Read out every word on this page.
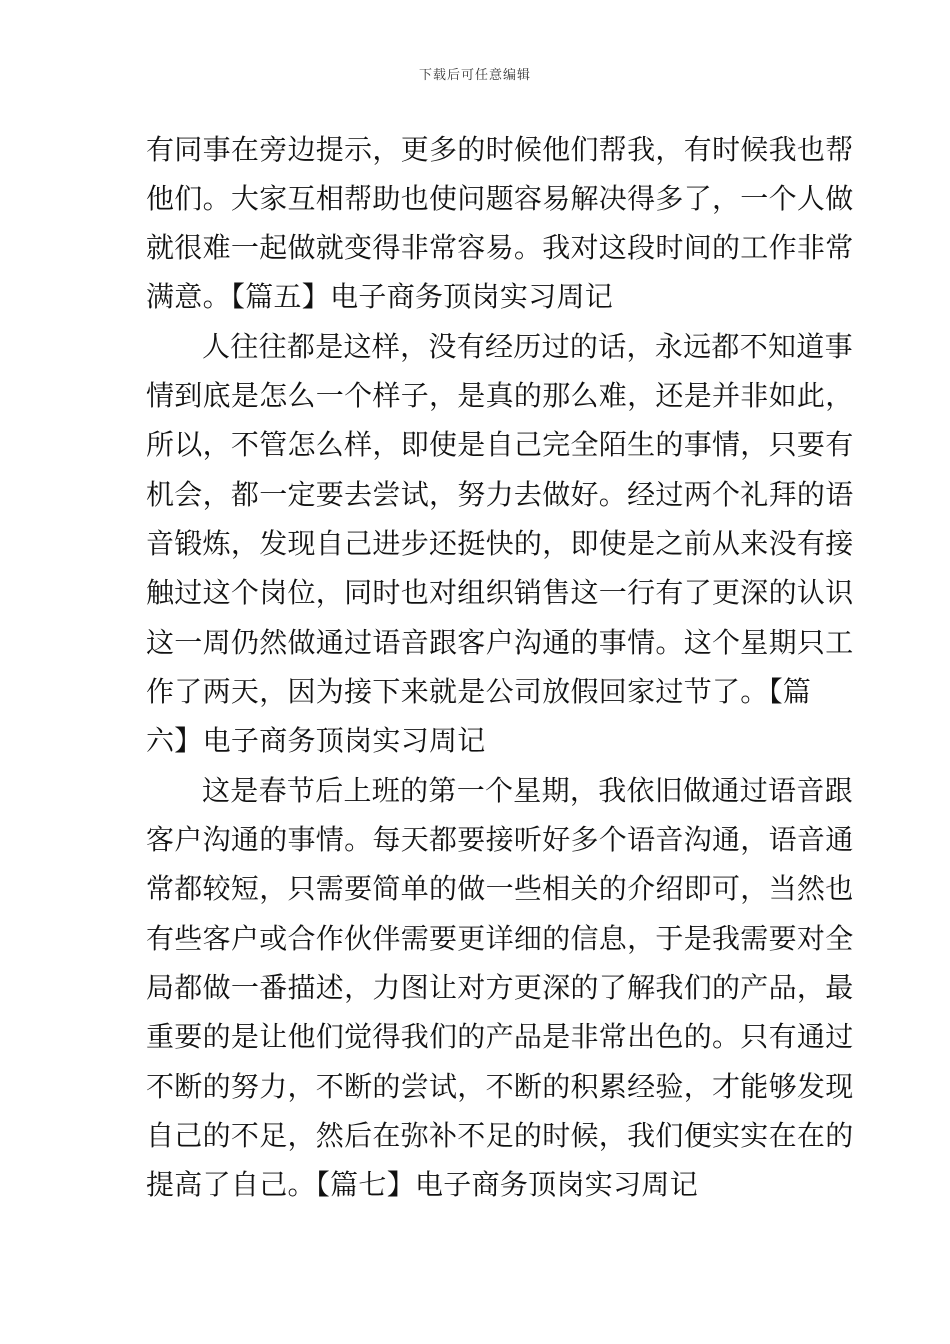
下载后可任意编辑
有同事在旁边提示，更多的时候他们帮我，有时候我也帮
他们。大家互相帮助也使问题容易解决得多了，一个人做
就很难一起做就变得非常容易。我对这段时间的工作非常
满意。【篇五】电子商务顶岗实习周记
人往往都是这样，没有经历过的话，永远都不知道事
情到底是怎么一个样子，是真的那么难，还是并非如此，
所以，不管怎么样，即使是自己完全陌生的事情，只要有
机会，都一定要去尝试，努力去做好。经过两个礼拜的语
音锻炼，发现自己进步还挺快的，即使是之前从来没有接
触过这个岗位，同时也对组织销售这一行有了更深的认识
这一周仍然做通过语音跟客户沟通的事情。这个星期只工
作了两天，因为接下来就是公司放假回家过节了。【篇
六】电子商务顶岗实习周记
这是春节后上班的第一个星期，我依旧做通过语音跟
客户沟通的事情。每天都要接听好多个语音沟通，语音通
常都较短，只需要简单的做一些相关的介绍即可，当然也
有些客户或合作伙伴需要更详细的信息，于是我需要对全
局都做一番描述，力图让对方更深的了解我们的产品，最
重要的是让他们觉得我们的产品是非常出色的。只有通过
不断的努力，不断的尝试，不断的积累经验，才能够发现
自己的不足，然后在弥补不足的时候，我们便实实在在的
提高了自己。【篇七】电子商务顶岗实习周记
